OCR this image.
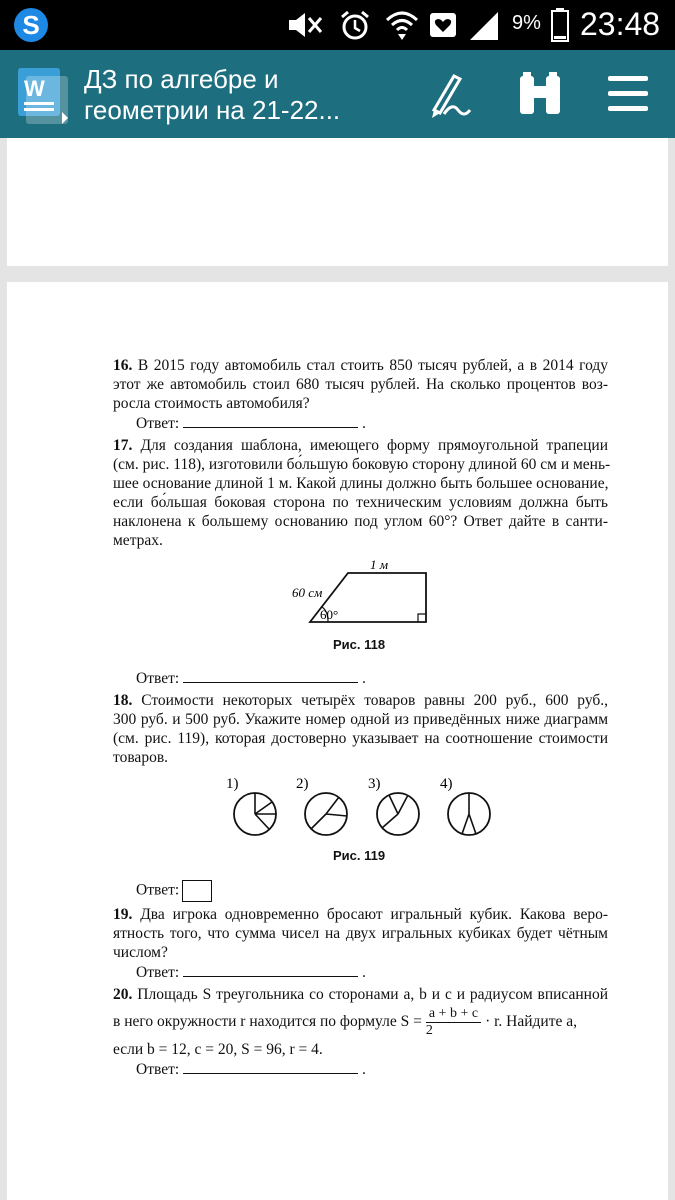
S	9% 23:48
W ДЗ по алгебре и
геометрии на 21-22...
16. В 2015 году автомобиль стал стоить 850 тысяч рублей, а в 2014 году
этот же автомобиль стоил 680 тысяч рублей. На сколько процентов воз-
росла стоимость автомобиля?
Ответ:	.
17. Для создания шаблона, имеющего форму прямоугольной трапеции
(см. рис. 118), изготовили бо́льшую боковую сторону длиной 60 см и мень-
шее основание длиной 1 м. Какой длины должно быть большее основание,
если бо́льшая боковая сторона по техническим условиям должна быть
наклонена к большему основанию под углом 60°? Ответ дайте в санти-
метрах.
1 м
60 см
60°
Рис. 118
Ответ:	.
18. Стоимости некоторых четырёх товаров равны 200 руб., 600 руб.,
300 руб. и 500 руб. Укажите номер одной из приведённых ниже диаграмм
(см. рис. 119), которая достоверно указывает на соотношение стоимости
товаров.
1)	2)	3)	4)
Рис. 119
Ответ:
19. Два игрока одновременно бросают игральный кубик. Какова веро-
ятность того, что сумма чисел на двух игральных кубиках будет чётным
числом?
Ответ:	.
20. Площадь S треугольника со сторонами a, b и c и радиусом вписанной
в него окружности r находится по формуле $S = \frac{a + b + c}{2} \cdot r$. Найдите a,
если b = 12, c = 20, S = 96, r = 4.
Ответ:	.
